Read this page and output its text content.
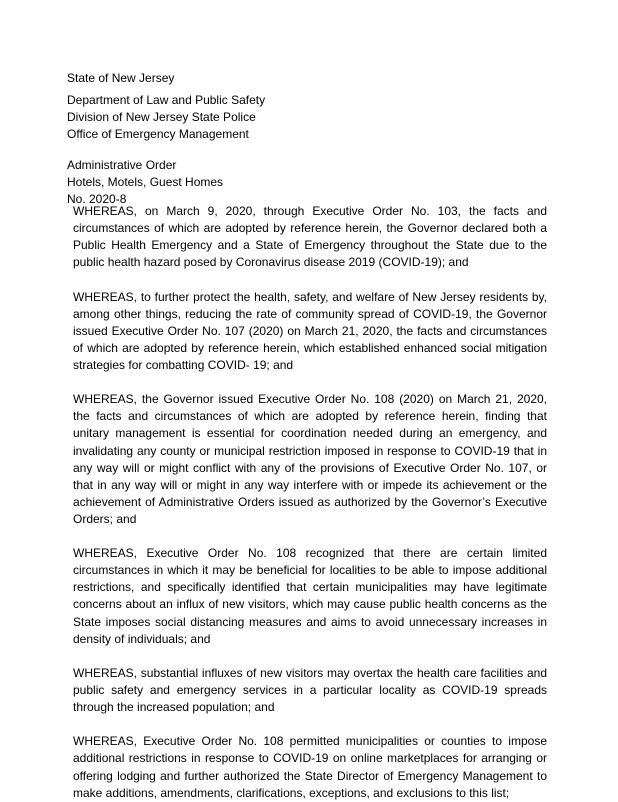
State of New Jersey
Department of Law and Public Safety
Division of New Jersey State Police
Office of Emergency Management
Administrative Order
Hotels, Motels, Guest Homes
No. 2020-8

WHEREAS, on March 9, 2020, through Executive Order No. 103, the facts and circumstances of which are adopted by reference herein, the Governor declared both a Public Health Emergency and a State of Emergency throughout the State due to the public health hazard posed by Coronavirus disease 2019 (COVID-19); and

WHEREAS, to further protect the health, safety, and welfare of New Jersey residents by, among other things, reducing the rate of community spread of COVID-19, the Governor issued Executive Order No. 107 (2020) on March 21, 2020, the facts and circumstances of which are adopted by reference herein, which established enhanced social mitigation strategies for combatting COVID- 19; and

WHEREAS, the Governor issued Executive Order No. 108 (2020) on March 21, 2020, the facts and circumstances of which are adopted by reference herein, finding that unitary management is essential for coordination needed during an emergency, and invalidating any county or municipal restriction imposed in response to COVID-19 that in any way will or might conflict with any of the provisions of Executive Order No. 107, or that in any way will or might in any way interfere with or impede its achievement or the achievement of Administrative Orders issued as authorized by the Governor’s Executive Orders; and

WHEREAS, Executive Order No. 108 recognized that there are certain limited circumstances in which it may be beneficial for localities to be able to impose additional restrictions, and specifically identified that certain municipalities may have legitimate concerns about an influx of new visitors, which may cause public health concerns as the State imposes social distancing measures and aims to avoid unnecessary increases in density of individuals; and

WHEREAS, substantial influxes of new visitors may overtax the health care facilities and public safety and emergency services in a particular locality as COVID-19 spreads through the increased population; and

WHEREAS, Executive Order No. 108 permitted municipalities or counties to impose additional restrictions in response to COVID-19 on online marketplaces for arranging or offering lodging and further authorized the State Director of Emergency Management to make additions, amendments, clarifications, exceptions, and exclusions to this list;
